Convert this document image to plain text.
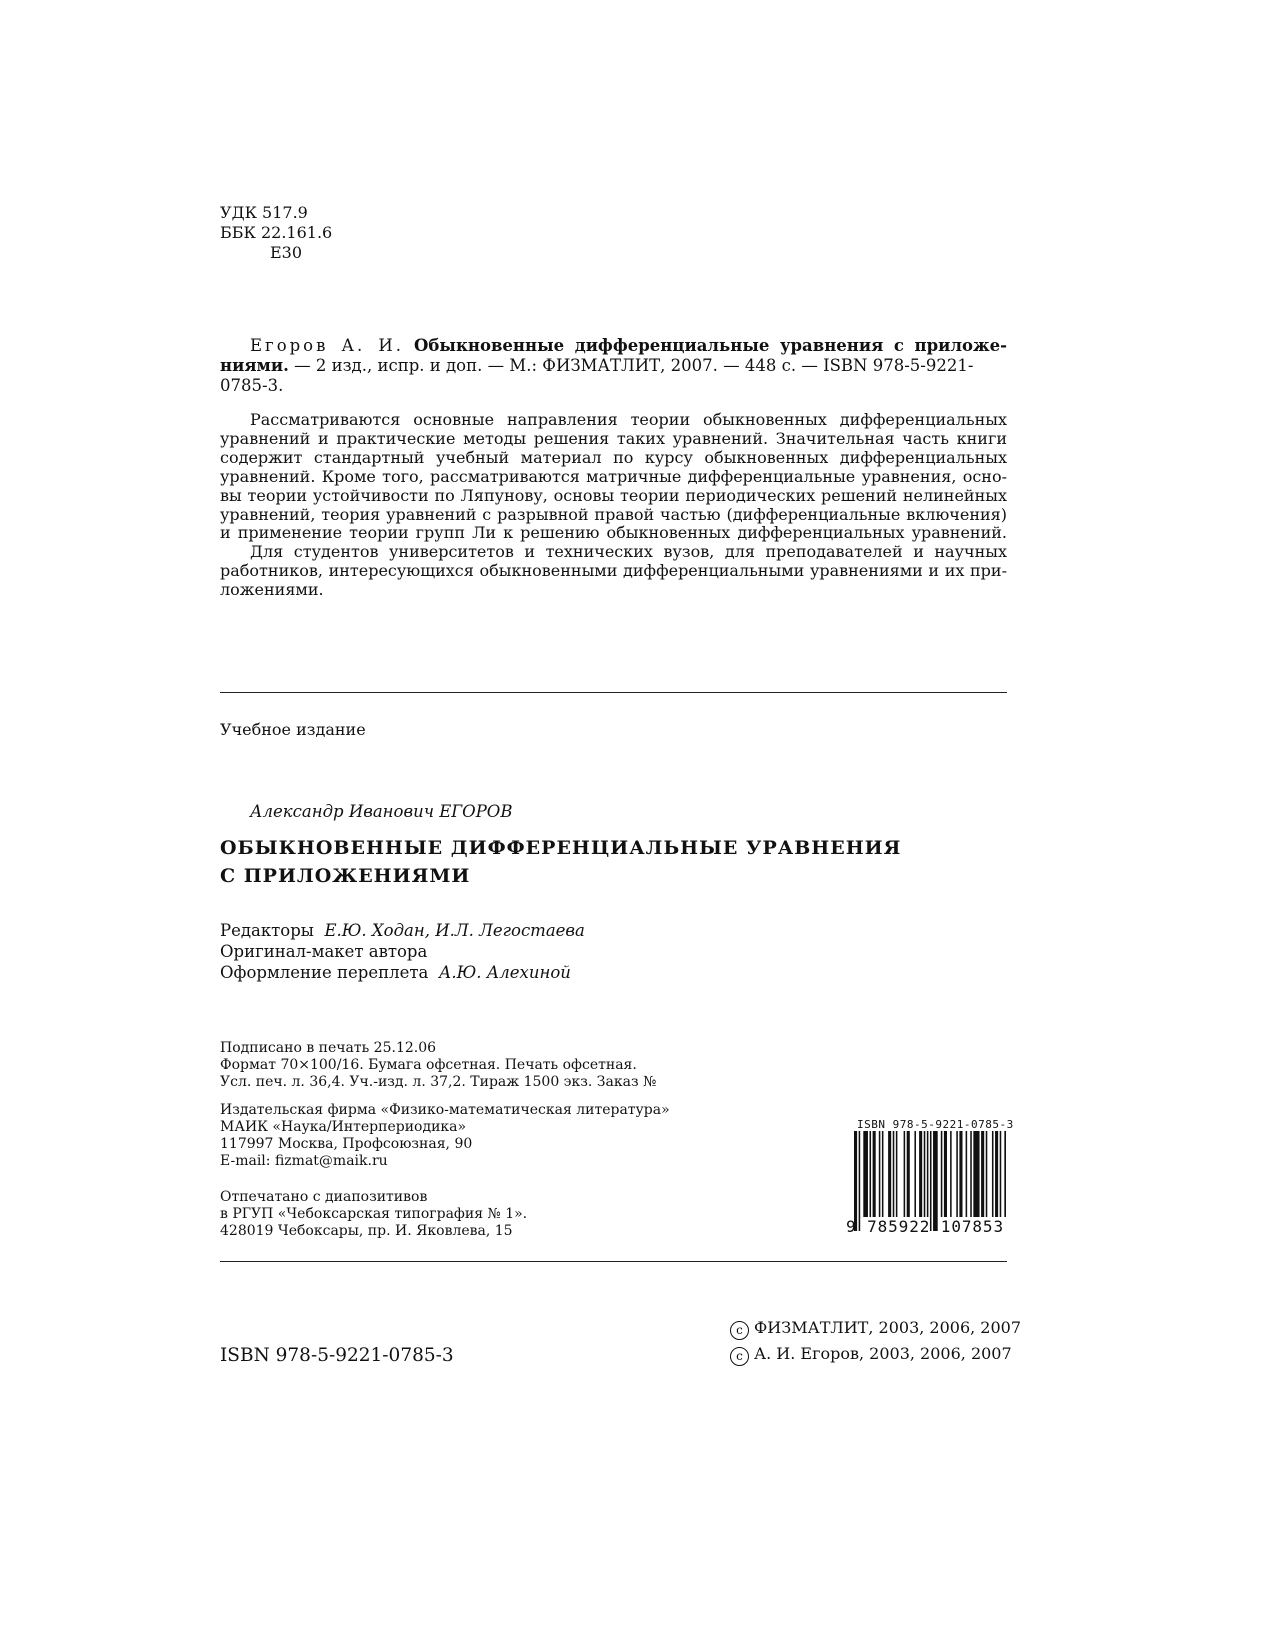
УДК 517.9
ББК 22.161.6
Е30
Егоров А. И. Обыкновенные дифференциальные уравнения с приложе-
ниями. — 2 изд., испр. и доп. — М.: ФИЗМАТЛИТ, 2007. — 448 с. — ISBN 978-5-9221-0785-3.
Рассматриваются основные направления теории обыкновенных дифференциальных
уравнений и практические методы решения таких уравнений. Значительная часть книги
содержит стандартный учебный материал по курсу обыкновенных дифференциальных
уравнений. Кроме того, рассматриваются матричные дифференциальные уравнения, осно-
вы теории устойчивости по Ляпунову, основы теории периодических решений нелинейных
уравнений, теория уравнений с разрывной правой частью (дифференциальные включения)
и применение теории групп Ли к решению обыкновенных дифференциальных уравнений.
Для студентов университетов и технических вузов, для преподавателей и научных
работников, интересующихся обыкновенными дифференциальными уравнениями и их при-
ложениями.
Учебное издание
Александр Иванович ЕГОРОВ
ОБЫКНОВЕННЫЕ ДИФФЕРЕНЦИАЛЬНЫЕ УРАВНЕНИЯ
С ПРИЛОЖЕНИЯМИ
Редакторы Е.Ю. Ходан, И.Л. Легостаева
Оригинал-макет автора
Оформление переплета А.Ю. Алехиной
Подписано в печать 25.12.06
Формат 70×100/16. Бумага офсетная. Печать офсетная.
Усл. печ. л. 36,4. Уч.-изд. л. 37,2. Тираж 1500 экз. Заказ №
Издательская фирма «Физико-математическая литература»
МАИК «Наука/Интерпериодика»
117997 Москва, Профсоюзная, 90
E-mail: fizmat@maik.ru
Отпечатано с диапозитивов
в РГУП «Чебоксарская типография № 1».
428019 Чебоксары, пр. И. Яковлева, 15
ISBN 978-5-9221-0785-3
9 785922 107853
ISBN 978-5-9221-0785-3
c ФИЗМАТЛИТ, 2003, 2006, 2007
c А. И. Егоров, 2003, 2006, 2007
